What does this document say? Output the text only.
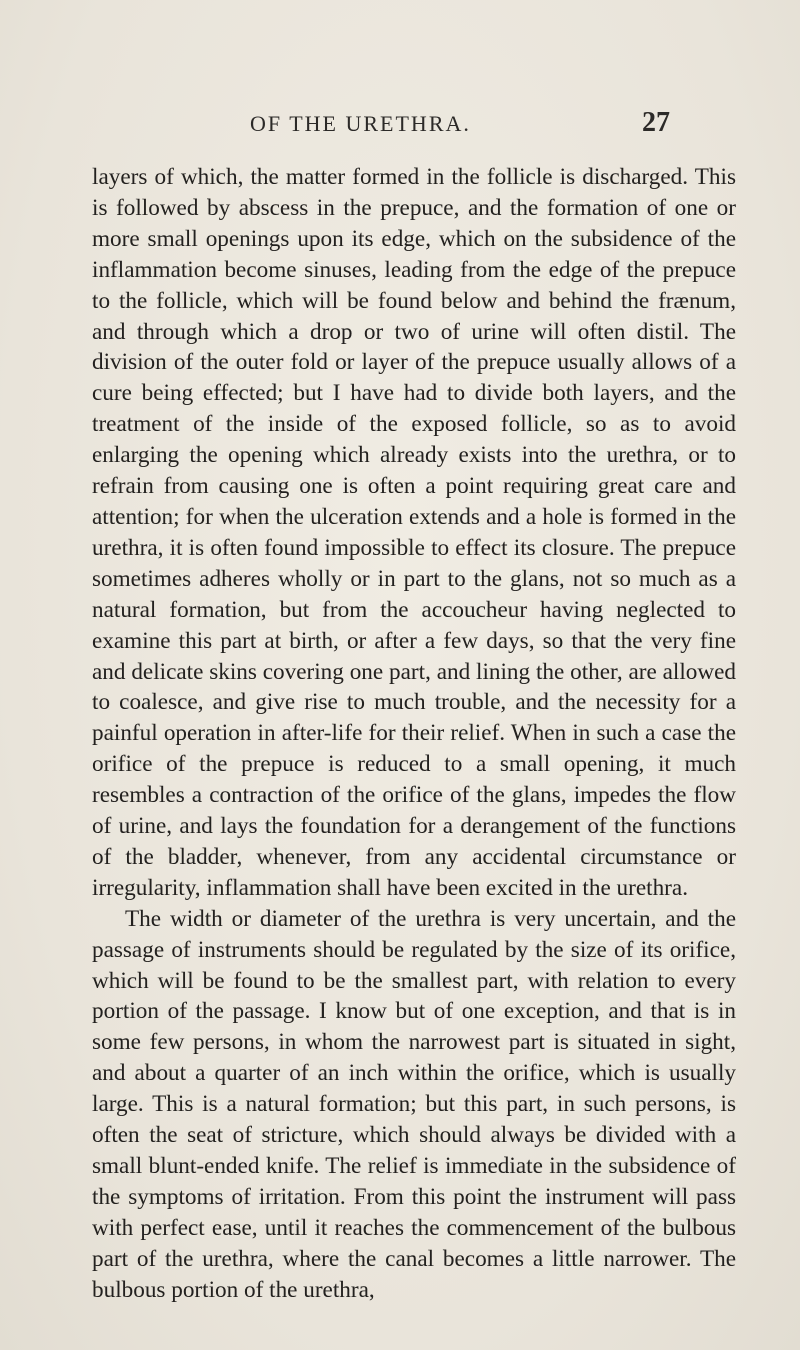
OF THE URETHRA.	27

layers of which, the matter formed in the follicle is discharged. This is followed by abscess in the prepuce, and the formation of one or more small openings upon its edge, which on the subsidence of the inflammation become sinuses, leading from the edge of the prepuce to the follicle, which will be found below and behind the frænum, and through which a drop or two of urine will often distil. The division of the outer fold or layer of the prepuce usually allows of a cure being effected; but I have had to divide both layers, and the treatment of the inside of the exposed follicle, so as to avoid enlarging the opening which already exists into the urethra, or to refrain from causing one is often a point requiring great care and attention; for when the ulceration extends and a hole is formed in the urethra, it is often found impossible to effect its closure. The prepuce sometimes adheres wholly or in part to the glans, not so much as a natural formation, but from the accoucheur having neglected to examine this part at birth, or after a few days, so that the very fine and delicate skins covering one part, and lining the other, are allowed to coalesce, and give rise to much trouble, and the necessity for a painful operation in after-life for their relief. When in such a case the orifice of the prepuce is reduced to a small opening, it much resembles a contraction of the orifice of the glans, impedes the flow of urine, and lays the foundation for a derangement of the functions of the bladder, whenever, from any accidental circumstance or irregularity, inflammation shall have been excited in the urethra.

The width or diameter of the urethra is very uncertain, and the passage of instruments should be regulated by the size of its orifice, which will be found to be the smallest part, with relation to every portion of the passage. I know but of one exception, and that is in some few persons, in whom the narrowest part is situated in sight, and about a quarter of an inch within the orifice, which is usually large. This is a natural formation; but this part, in such persons, is often the seat of stricture, which should always be divided with a small blunt-ended knife. The relief is immediate in the subsidence of the symptoms of irritation. From this point the instrument will pass with perfect ease, until it reaches the commencement of the bulbous part of the urethra, where the canal becomes a little narrower. The bulbous portion of the urethra,
